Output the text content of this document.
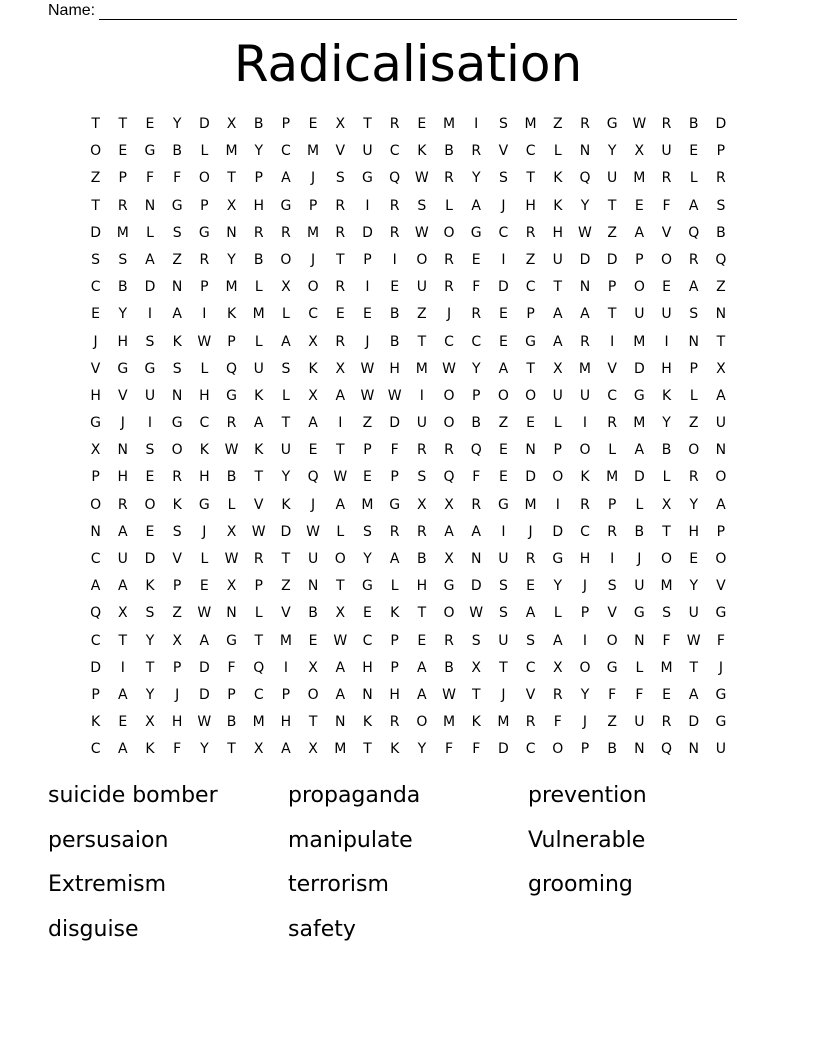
Name:
Radicalisation
T	T	E	Y	D	X	B	P	E	X	T	R	E	M	I	S	M	Z	R	G	W	R	B	D
O	E	G	B	L	M	Y	C	M	V	U	C	K	B	R	V	C	L	N	Y	X	U	E	P
Z	P	F	F	O	T	P	A	J	S	G	Q	W	R	Y	S	T	K	Q	U	M	R	L	R
T	R	N	G	P	X	H	G	P	R	I	R	S	L	A	J	H	K	Y	T	E	F	A	S
D	M	L	S	G	N	R	R	M	R	D	R	W	O	G	C	R	H	W	Z	A	V	Q	B
S	S	A	Z	R	Y	B	O	J	T	P	I	O	R	E	I	Z	U	D	D	P	O	R	Q
C	B	D	N	P	M	L	X	O	R	I	E	U	R	F	D	C	T	N	P	O	E	A	Z
E	Y	I	A	I	K	M	L	C	E	E	B	Z	J	R	E	P	A	A	T	U	U	S	N
J	H	S	K	W	P	L	A	X	R	J	B	T	C	C	E	G	A	R	I	M	I	N	T
V	G	G	S	L	Q	U	S	K	X	W	H	M	W	Y	A	T	X	M	V	D	H	P	X
H	V	U	N	H	G	K	L	X	A	W W	I	O	P	O	O	U	U	C	G	K	L	A
G	J	I	G	C	R	A	T	A	I	Z	D	U	O	B	Z	E	L	I	R	M	Y	Z	U
X	N	S	O	K	W	K	U	E	T	P	F	R	R	Q	E	N	P	O	L	A	B	O	N
P	H	E	R	H	B	T	Y	Q	W	E	P	S	Q	F	E	D	O	K	M	D	L	R	O
O	R	O	K	G	L	V	K	J	A	M	G	X	X	R	G	M	I	R	P	L	X	Y	A
N	A	E	S	J	X	W	D	W	L	S	R	R	A	A	I	J	D	C	R	B	T	H	P
C	U	D	V	L	W	R	T	U	O	Y	A	B	X	N	U	R	G	H	I	J	O	E	O
A	A	K	P	E	X	P	Z	N	T	G	L	H	G	D	S	E	Y	J	S	U	M	Y	V
Q	X	S	Z	W	N	L	V	B	X	E	K	T	O	W	S	A	L	P	V	G	S	U	G
C	T	Y	X	A	G	T	M	E	W	C	P	E	R	S	U	S	A	I	O	N	F	W	F
D	I	T	P	D	F	Q	I	X	A	H	P	A	B	X	T	C	X	O	G	L	M	T	J
P	A	Y	J	D	P	C	P	O	A	N	H	A	W	T	J	V	R	Y	F	F	E	A	G
K	E	X	H	W	B	M	H	T	N	K	R	O	M	K	M	R	F	J	Z	U	R	D	G
C	A	K	F	Y	T	X	A	X	M	T	K	Y	F	F	D	C	O	P	B	N	Q	N	U
suicide bomber	propaganda	prevention
persusaion	manipulate	Vulnerable
Extremism	terrorism	grooming
disguise	safety
